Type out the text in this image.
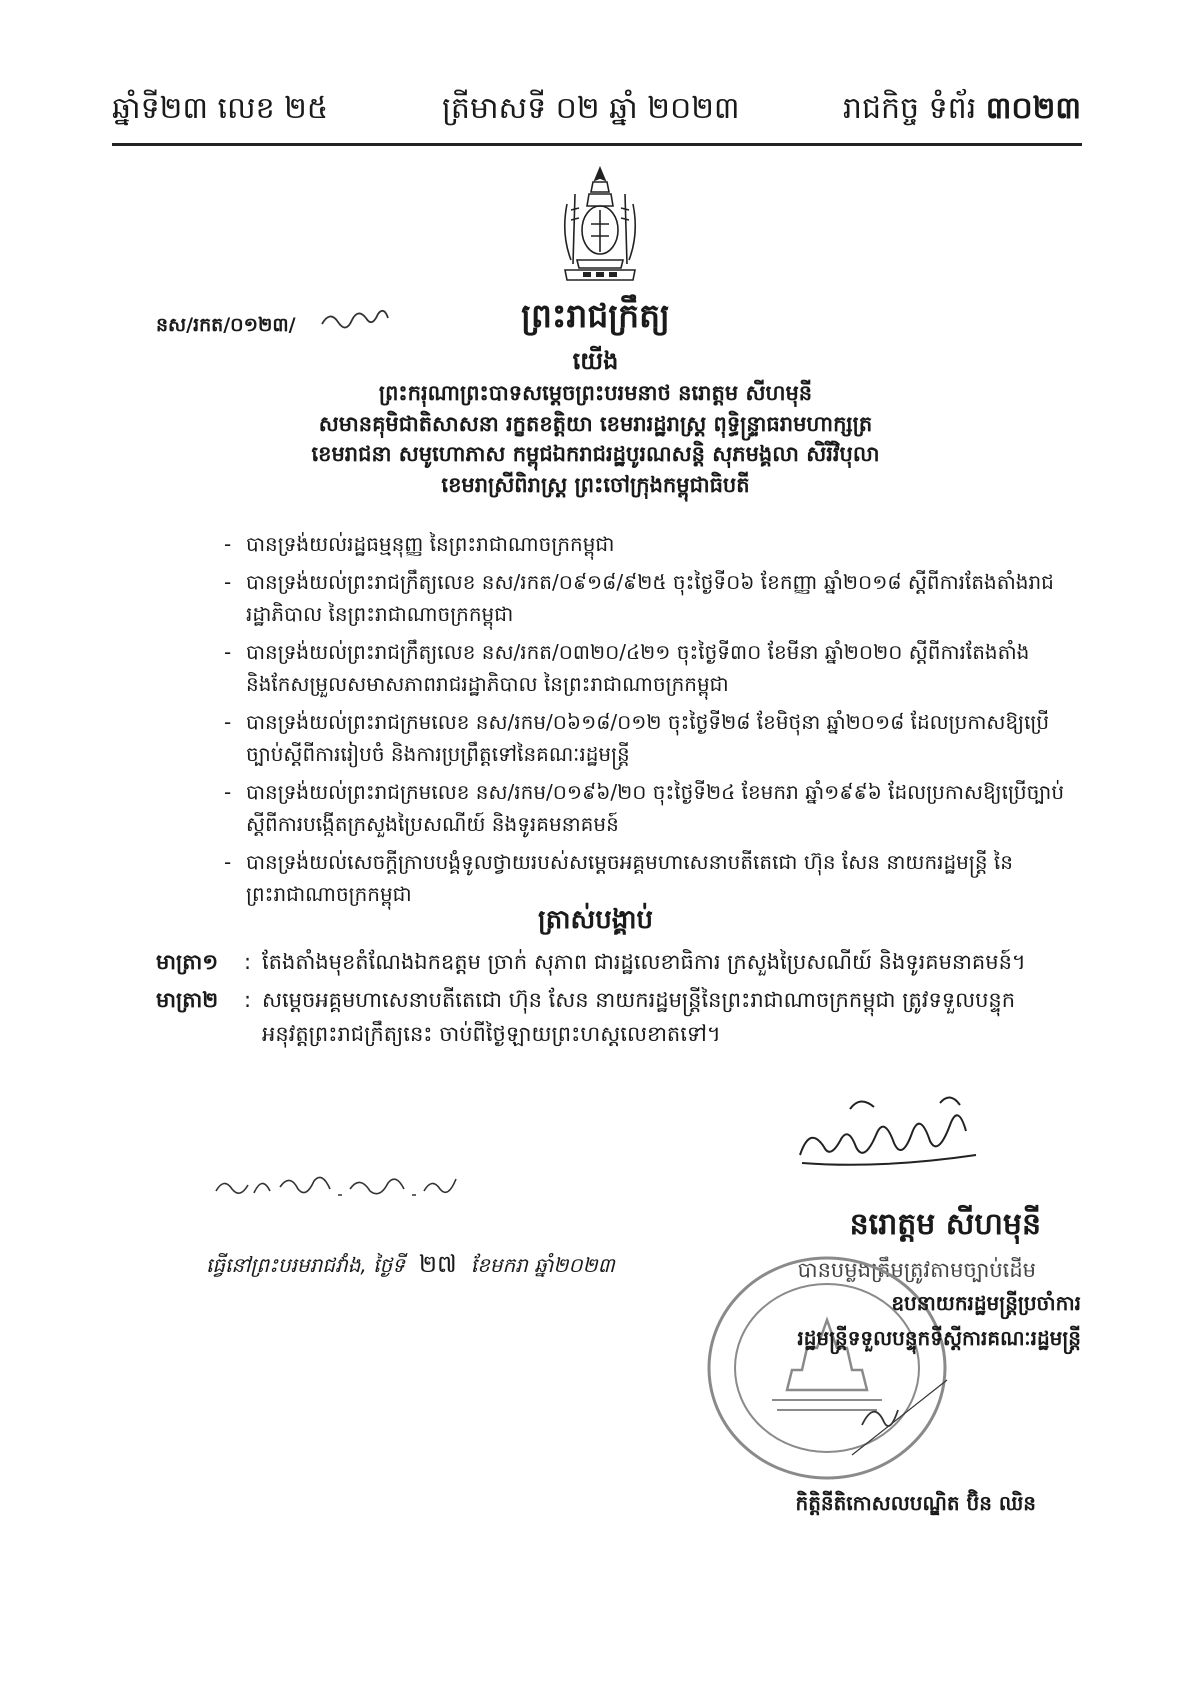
ឆ្នាំទី២៣ លេខ ២៥	ត្រីមាសទី ០២ ឆ្នាំ ២០២៣	រាជកិច្ច ទំព័រ ៣០២៣
ព្រះរាជក្រឹត្យ
នស/រកត/០១២៣/
យើង
ព្រះករុណាព្រះបាទសម្តេចព្រះបរមនាថ នរោត្តម សីហមុនី
សមានគុមិជាតិសាសនា រក្ខតខត្តិយា ខេមរារដ្ឋរាស្ត្រ ពុទ្ធិន្ទ្រាធរាមហាក្សត្រ
ខេមរាជនា សមូហោភាស កម្ពុជឯករាជរដ្ឋបូរណសន្តិ សុភមង្គលា សិរីវិបុលា
ខេមរាស្រីពិរាស្ត្រ ព្រះចៅក្រុងកម្ពុជាធិបតី
- បានទ្រង់យល់រដ្ឋធម្មនុញ្ញ នៃព្រះរាជាណាចក្រកម្ពុជា
- បានទ្រង់យល់ព្រះរាជក្រឹត្យលេខ នស/រកត/០៩១៨/៩២៥ ចុះថ្ងៃទី០៦ ខែកញ្ញា ឆ្នាំ២០១៨ ស្តីពីការតែងតាំងរាជរដ្ឋាភិបាល នៃព្រះរាជាណាចក្រកម្ពុជា
- បានទ្រង់យល់ព្រះរាជក្រឹត្យលេខ នស/រកត/០៣២០/៤២១ ចុះថ្ងៃទី៣០ ខែមីនា ឆ្នាំ២០២០ ស្តីពីការតែងតាំង និងកែសម្រួលសមាសភាពរាជរដ្ឋាភិបាល នៃព្រះរាជាណាចក្រកម្ពុជា
- បានទ្រង់យល់ព្រះរាជក្រមលេខ នស/រកម/០៦១៨/០១២ ចុះថ្ងៃទី២៨ ខែមិថុនា ឆ្នាំ២០១៨ ដែលប្រកាសឱ្យប្រើច្បាប់ស្តីពីការរៀបចំ និងការប្រព្រឹត្តទៅនៃគណៈរដ្ឋមន្ត្រី
- បានទ្រង់យល់ព្រះរាជក្រមលេខ នស/រកម/០១៩៦/២០ ចុះថ្ងៃទី២៤ ខែមករា ឆ្នាំ១៩៩៦ ដែលប្រកាសឱ្យប្រើច្បាប់ស្តីពីការបង្កើតក្រសួងប្រៃសណីយ៍ និងទូរគមនាគមន៍
- បានទ្រង់យល់សេចក្តីក្រាបបង្គំទូលថ្វាយរបស់សម្តេចអគ្គមហាសេនាបតីតេជោ ហ៊ុន សែន នាយករដ្ឋមន្ត្រី នៃព្រះរាជាណាចក្រកម្ពុជា
ត្រាស់បង្គាប់
មាត្រា១ : តែងតាំងមុខតំណែងឯកឧត្តម ច្រាក់ សុភាព ជារដ្ឋលេខាធិការ ក្រសួងប្រៃសណីយ៍ និងទូរគមនាគមន៍។
មាត្រា២ : សម្តេចអគ្គមហាសេនាបតីតេជោ ហ៊ុន សែន នាយករដ្ឋមន្ត្រីនៃព្រះរាជាណាចក្រកម្ពុជា ត្រូវទទួលបន្ទុក
អនុវត្តព្រះរាជក្រឹត្យនេះ ចាប់ពីថ្ងៃឡាយព្រះហស្តលេខាតទៅ។
ធ្វើនៅព្រះបរមរាជវាំង, ថ្ងៃទី ២៧ ខែមករា ឆ្នាំ២០២៣
នរោត្តម សីហមុនី
បានបម្លងត្រឹមត្រូវតាមច្បាប់ដើម
ឧបនាយករដ្ឋមន្ត្រីប្រចាំការ
រដ្ឋមន្ត្រីទទួលបន្ទុកទីស្តីការគណៈរដ្ឋមន្ត្រី
កិត្តិនីតិកោសលបណ្ឌិត ប៊ិន ឈិន
